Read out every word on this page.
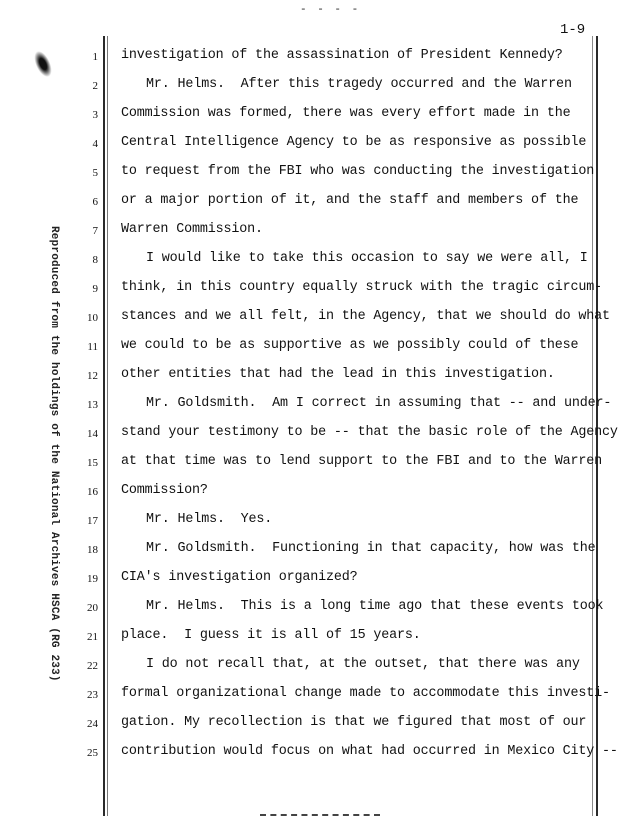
- - - -
1-9
Reproduced from the holdings of the National Archives HSCA (RG 233)
1 investigation of the assassination of President Kennedy?
2	Mr. Helms.  After this tragedy occurred and the Warren
3 Commission was formed, there was every effort made in the
4 Central Intelligence Agency to be as responsive as possible
5 to request from the FBI who was conducting the investigation
6 or a major portion of it, and the staff and members of the
7 Warren Commission.
8	I would like to take this occasion to say we were all, I
9 think, in this country equally struck with the tragic circum-
10 stances and we all felt, in the Agency, that we should do what
11 we could to be as supportive as we possibly could of these
12 other entities that had the lead in this investigation.
13	Mr. Goldsmith.  Am I correct in assuming that -- and under-
14 stand your testimony to be -- that the basic role of the Agency
15 at that time was to lend support to the FBI and to the Warren
16 Commission?
17	Mr. Helms.  Yes.
18	Mr. Goldsmith.  Functioning in that capacity, how was the
19 CIA's investigation organized?
20	Mr. Helms.  This is a long time ago that these events took
21 place.  I guess it is all of 15 years.
22	I do not recall that, at the outset, that there was any
23 formal organizational change made to accommodate this investi-
24 gation. My recollection is that we figured that most of our
25 contribution would focus on what had occurred in Mexico City --
